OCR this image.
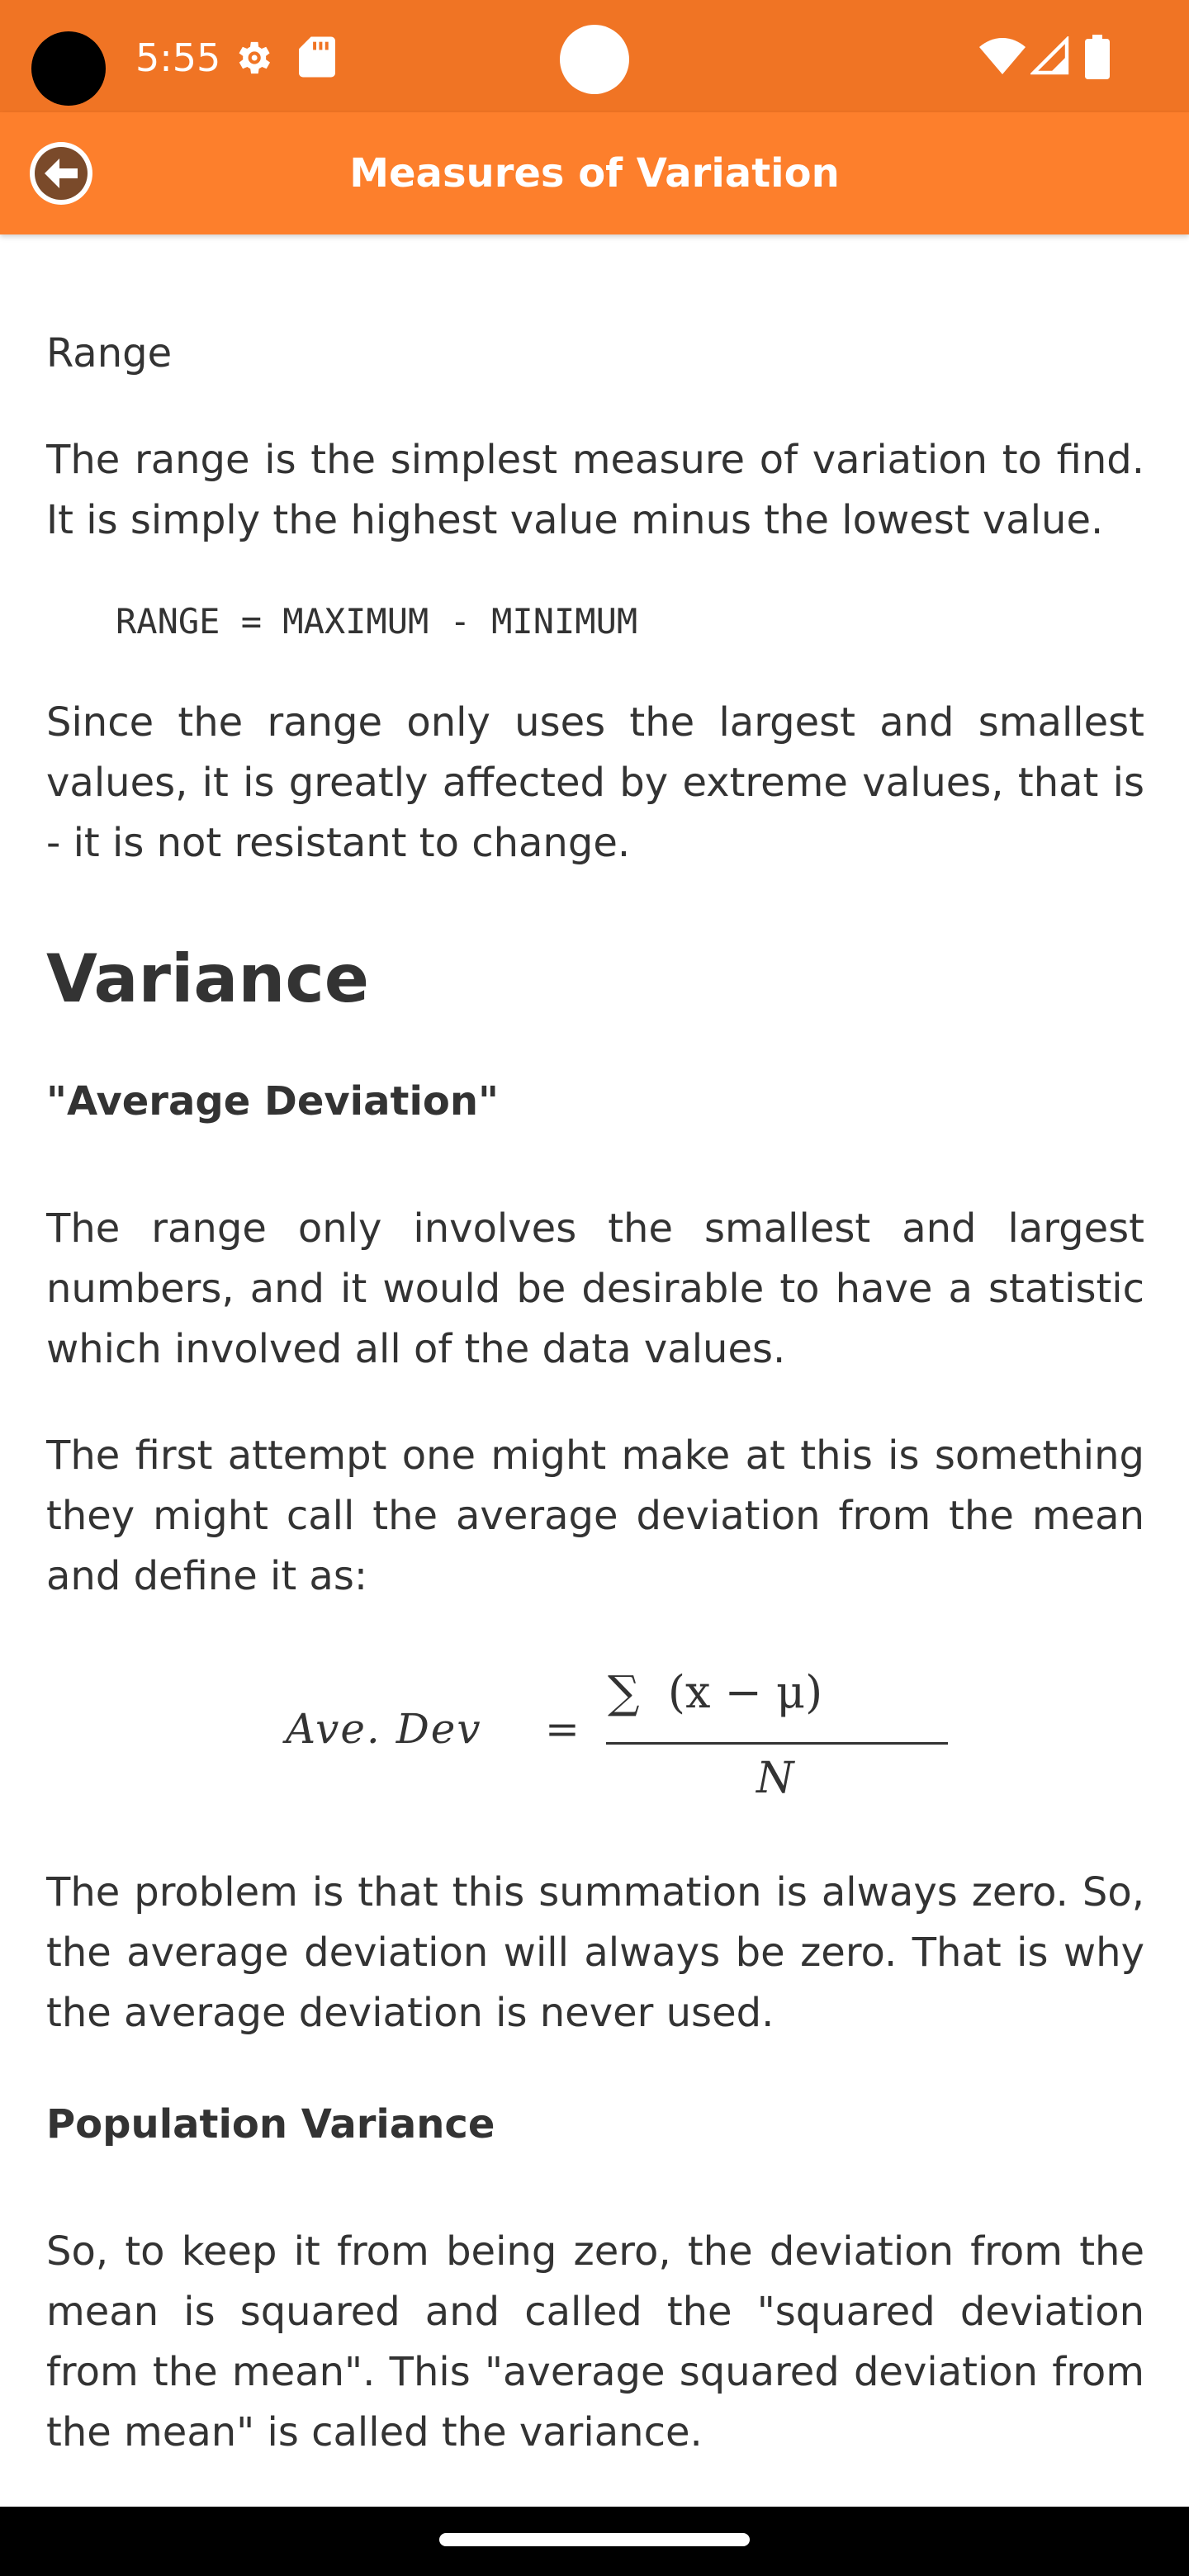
5:55
Measures of Variation

Range

The range is the simplest measure of variation to find. It is simply the highest value minus the lowest value.

RANGE = MAXIMUM - MINIMUM

Since the range only uses the largest and smallest values, it is greatly affected by extreme values, that is - it is not resistant to change.

Variance
"Average Deviation"

The range only involves the smallest and largest numbers, and it would be desirable to have a statistic which involved all of the data values.

The first attempt one might make at this is something they might call the average deviation from the mean and define it as:

Ave. Dev =
∑  (x − μ)
N

The problem is that this summation is always zero. So, the average deviation will always be zero. That is why the average deviation is never used.

Population Variance

So, to keep it from being zero, the deviation from the mean is squared and called the "squared deviation from the mean". This "average squared deviation from the mean" is called the variance.
